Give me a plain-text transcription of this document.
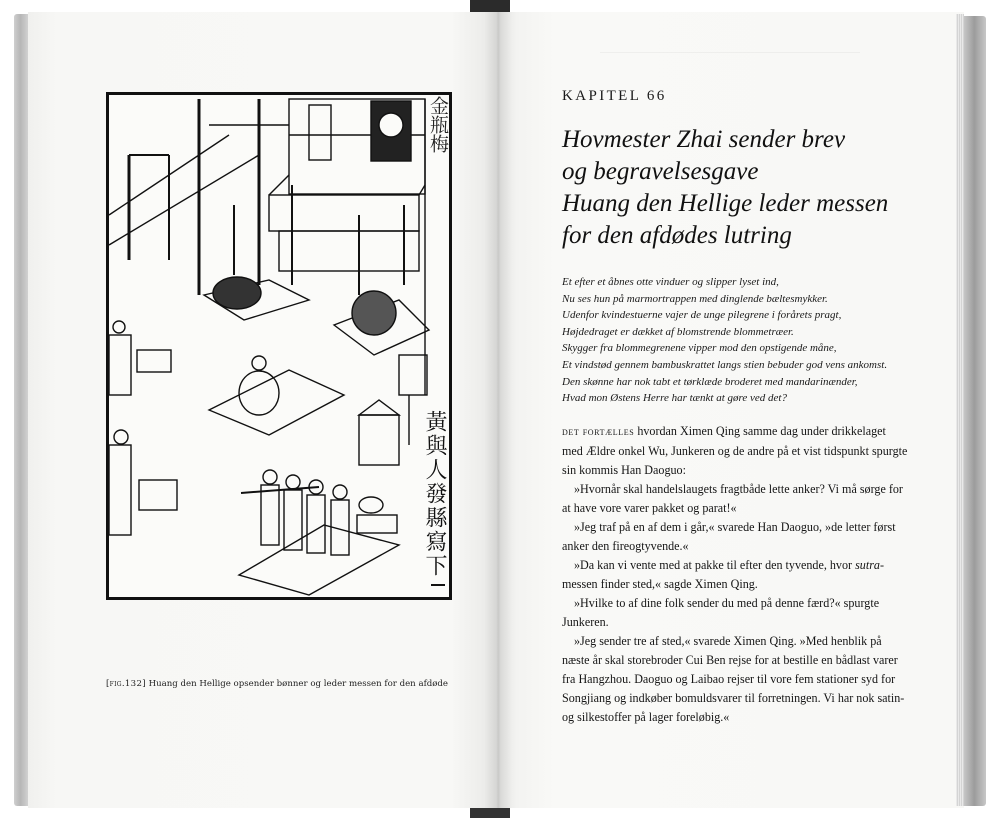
金瓶梅
黃與人發縣寫下
[fig.132] Huang den Hellige opsender bønner og leder messen for den afdøde
KAPITEL 66
Hovmester Zhai sender brev
og begravelsesgave
Huang den Hellige leder messen
for den afdødes lutring
Et efter et åbnes otte vinduer og slipper lyset ind,
Nu ses hun på marmortrappen med dinglende bæltesmykker.
Udenfor kvindestuerne vajer de unge pilegrene i forårets pragt,
Højdedraget er dækket af blomstrende blommetræer.
Skygger fra blommegrenene vipper mod den opstigende måne,
Et vindstød gennem bambuskrattet langs stien bebuder god vens ankomst.
Den skønne har nok tabt et tørklæde broderet med mandarinænder,
Hvad mon Østens Herre har tænkt at gøre ved det?

det fortælles hvordan Ximen Qing samme dag under drikkelaget
med Ældre onkel Wu, Junkeren og de andre på et vist tidspunkt spurgte
sin kommis Han Daoguo:

»Hvornår skal handelslaugets fragtbåde lette anker? Vi må sørge for
at have vore varer pakket og parat!«

»Jeg traf på en af dem i går,« svarede Han Daoguo, »de letter først
anker den fireogtyvende.«

»Da kan vi vente med at pakke til efter den tyvende, hvor sutra-
messen finder sted,« sagde Ximen Qing.

»Hvilke to af dine folk sender du med på denne færd?« spurgte
Junkeren.

»Jeg sender tre af sted,« svarede Ximen Qing. »Med henblik på
næste år skal storebroder Cui Ben rejse for at bestille en bådlast varer
fra Hangzhou. Daoguo og Laibao rejser til vore fem stationer syd for
Songjiang og indkøber bomuldsvarer til forretningen. Vi har nok satin-
og silkestoffer på lager foreløbig.«
